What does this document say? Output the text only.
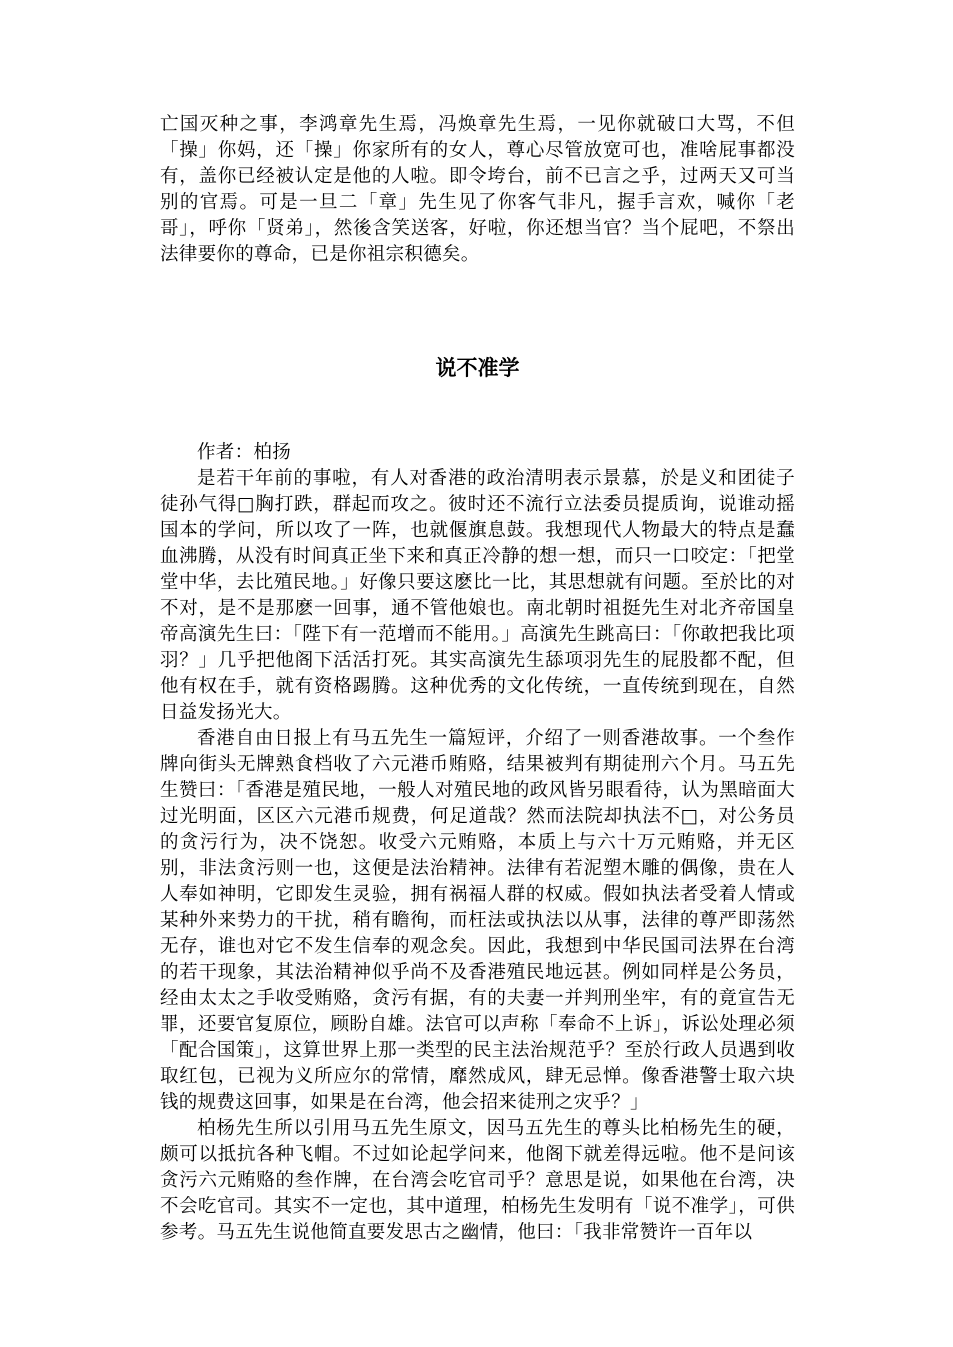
亡国灭种之事，李鸿章先生焉，冯焕章先生焉，一见你就破口大骂，不但「操」你妈，还「操」你家所有的女人，尊心尽管放宽可也，准啥屁事都没有，盖你已经被认定是他的人啦。即令垮台，前不已言之乎，过两天又可当别的官焉。可是一旦二「章」先生见了你客气非凡，握手言欢，喊你「老哥」，呼你「贤弟」，然後含笑送客，好啦，你还想当官？当个屁吧，不祭出法律要你的尊命，已是你祖宗积德矣。

说不准学

作者：柏扬

是若干年前的事啦，有人对香港的政治清明表示景慕，於是义和团徒子徒孙气得□胸打跌，群起而攻之。彼时还不流行立法委员提质询，说谁动摇国本的学问，所以攻了一阵，也就偃旗息鼓。我想现代人物最大的特点是蠢血沸腾，从没有时间真正坐下来和真正冷静的想一想，而只一口咬定：「把堂堂中华，去比殖民地。」好像只要这麽比一比，其思想就有问题。至於比的对不对，是不是那麽一回事，通不管他娘也。南北朝时祖挺先生对北齐帝国皇帝高演先生曰：「陛下有一范增而不能用。」高演先生跳高曰：「你敢把我比项羽？」几乎把他阁下活活打死。其实高演先生舔项羽先生的屁股都不配，但他有权在手，就有资格踢腾。这种优秀的文化传统，一直传统到现在，自然日益发扬光大。

香港自由日报上有马五先生一篇短评，介绍了一则香港故事。一个叁作牌向街头无牌熟食档收了六元港币贿赂，结果被判有期徒刑六个月。马五先生赞曰：「香港是殖民地，一般人对殖民地的政风皆另眼看待，认为黑暗面大过光明面，区区六元港币规费，何足道哉？然而法院却执法不□，对公务员的贪污行为，决不饶恕。收受六元贿赂，本质上与六十万元贿赂，并无区别，非法贪污则一也，这便是法治精神。法律有若泥塑木雕的偶像，贵在人人奉如神明，它即发生灵验，拥有祸福人群的权威。假如执法者受着人情或某种外来势力的干扰，稍有瞻徇，而枉法或执法以从事，法律的尊严即荡然无存，谁也对它不发生信奉的观念矣。因此，我想到中华民国司法界在台湾的若干现象，其法治精神似乎尚不及香港殖民地远甚。例如同样是公务员，经由太太之手收受贿赂，贪污有据，有的夫妻一并判刑坐牢，有的竟宣告无罪，还要官复原位，顾盼自雄。法官可以声称「奉命不上诉」，诉讼处理必须「配合国策」，这算世界上那一类型的民主法治规范乎？至於行政人员遇到收取红包，已视为义所应尔的常情，靡然成风，肆无忌惮。像香港警士取六块钱的规费这回事，如果是在台湾，他会招来徒刑之灾乎？」

柏杨先生所以引用马五先生原文，因马五先生的尊头比柏杨先生的硬，颇可以抵抗各种飞帽。不过如论起学问来，他阁下就差得远啦。他不是问该贪污六元贿赂的叁作牌，在台湾会吃官司乎？意思是说，如果他在台湾，决不会吃官司。其实不一定也，其中道理，柏杨先生发明有「说不准学」，可供参考。马五先生说他简直要发思古之幽情，他曰：「我非常赞许一百年以
